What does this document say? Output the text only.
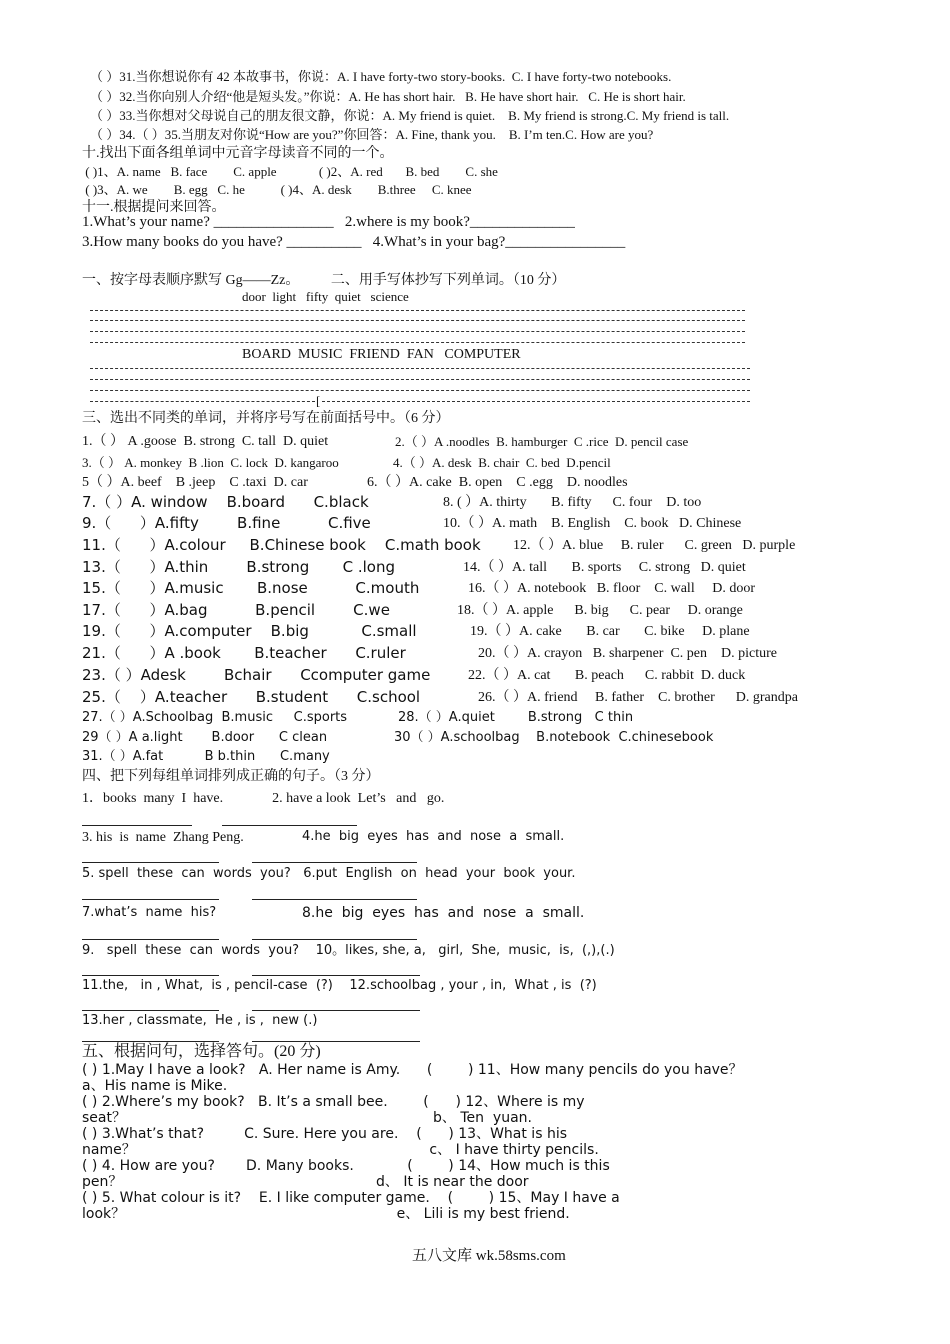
（ ）31.当你想说你有 42 本故事书，你说：A. I have forty-two story-books.  C. I have forty-two notebooks.
（ ）32.当你向别人介绍“他是短头发。”你说：A. He has short hair.   B. He have short hair.   C. He is short hair.
（ ）33.当你想对父母说自己的朋友很文静，你说：A. My friend is quiet.    B. My friend is strong.C. My friend is tall.
（ ）34.（ ）35.当朋友对你说“How are you?”你回答：A. Fine, thank you.    B. I’m ten.C. How are you?
十.找出下面各组单词中元音字母读音不同的一个。
( )1、A. name   B. face        C. apple             ( )2、A. red       B. bed        C. she
( )3、A. we        B. egg   C. he           ( )4、A. desk        B.three     C. knee
十一.根据提问来回答。
1.What’s your name? ________________   2.where is my book?______________
3.How many books do you have? __________   4.What’s in your bag?________________
一、按字母表顺序默写 Gg——Zz。         二、用手写体抄写下列单词。（10 分）
door  light   fifty  quiet   science
BOARD  MUSIC  FRIEND  FAN   COMPUTER
[
三、选出不同类的单词，并将序号写在前面括号中。（6 分）
1.（ ） A .goose  B. strong  C. tall  D. quiet	2.（ ）A .noodles  B. hamburger  C .rice  D. pencil case
3.（ ） A. monkey  B .lion  C. lock  D. kangaroo	4.（ ）A. desk  B. chair  C. bed  D.pencil
5（ ）A. beef    B .jeep    C .taxi  D. car	6.（ ）A. cake  B. open    C .egg    D. noodles
7.（ ）A. window    B.board      C.black	8. ( ）A. thirty       B. fifty      C. four    D. too
9.（      ）A.fifty        B.fine          C.five	10.（ ）A. math    B. English    C. book   D. Chinese
11.（      ）A.colour     B.Chinese book    C.math book 12.（ ）A. blue     B. ruler      C. green   D. purple
13.（      ）A.thin        B.strong       C .long	14.（ ）A. tall       B. sports     C. strong   D. quiet
15.（      ）A.music       B.nose          C.mouth	16.（ ）A. notebook   B. floor    C. wall     D. door
17.（      ）A.bag          B.pencil        C.we	18.（ ）A. apple      B. big      C. pear     D. orange
19.（      ）A.computer    B.big           C.small	19.（ ）A. cake       B. car       C. bike     D. plane
21.（      ）A .book       B.teacher      C.ruler	20.（ ）A. crayon   B. sharpener  C. pen    D. picture
23.（ ）Adesk        Bchair      Ccomputer game	22.（ ）A. cat       B. peach      C. rabbit  D. duck
25.（    ）A.teacher      B.student      C.school	26.（ ）A. friend     B. father    C. brother      D. grandpa
27.（ ）A.Schoolbag  B.music     C.sports	28.（ ）A.quiet        B.strong   C thin
29（ ）A a.light       B.door      C clean	30（ ）A.schoolbag    B.notebook  C.chinesebook
31.（ ）A.fat          B b.thin      C.many
四、把下列每组单词排列成正确的句子。（3 分）
1．books  many  I  have.              2. have a look  Let’s   and   go.
3. his  is  name  Zhang Peng.	4.he  big  eyes  has  and  nose  a  small.
5. spell  these  can  words  you?   6.put  English  on  head  your  book  your.
7.what’s  name  his?	8.he  big  eyes  has  and  nose  a  small.
9.   spell  these  can  words  you?    10。likes, she, a,   girl,  She,  music,  is,  (,),(.)
11.the,   in , What,  is , pencil-case  (?)    12.schoolbag , your , in,  What , is  (?)
13.her , classmate,  He , is ,  new (.)
五、根据问句，选择答句。(20 分)
( ) 1.May I have a look?   A. Her name is Amy.      (        ) 11、How many pencils do you have？
a、His name is Mike.
( ) 2.Where’s my book?   B. It’s a small bee.        (      ) 12、Where is my
seat？                                                                     b、 Ten  yuan.
( ) 3.What’s that?         C. Sure. Here you are.    (      ) 13、What is his
name？                                                                  c、 I have thirty pencils.
( ) 4. How are you?       D. Many books.            (        ) 14、How much is this
pen？                                                         d、 It is near the door
( ) 5. What colour is it?    E. I like computer game.    (        ) 15、May I have a
look？                                                             e、 Lili is my best friend.
五八文库 wk.58sms.com
